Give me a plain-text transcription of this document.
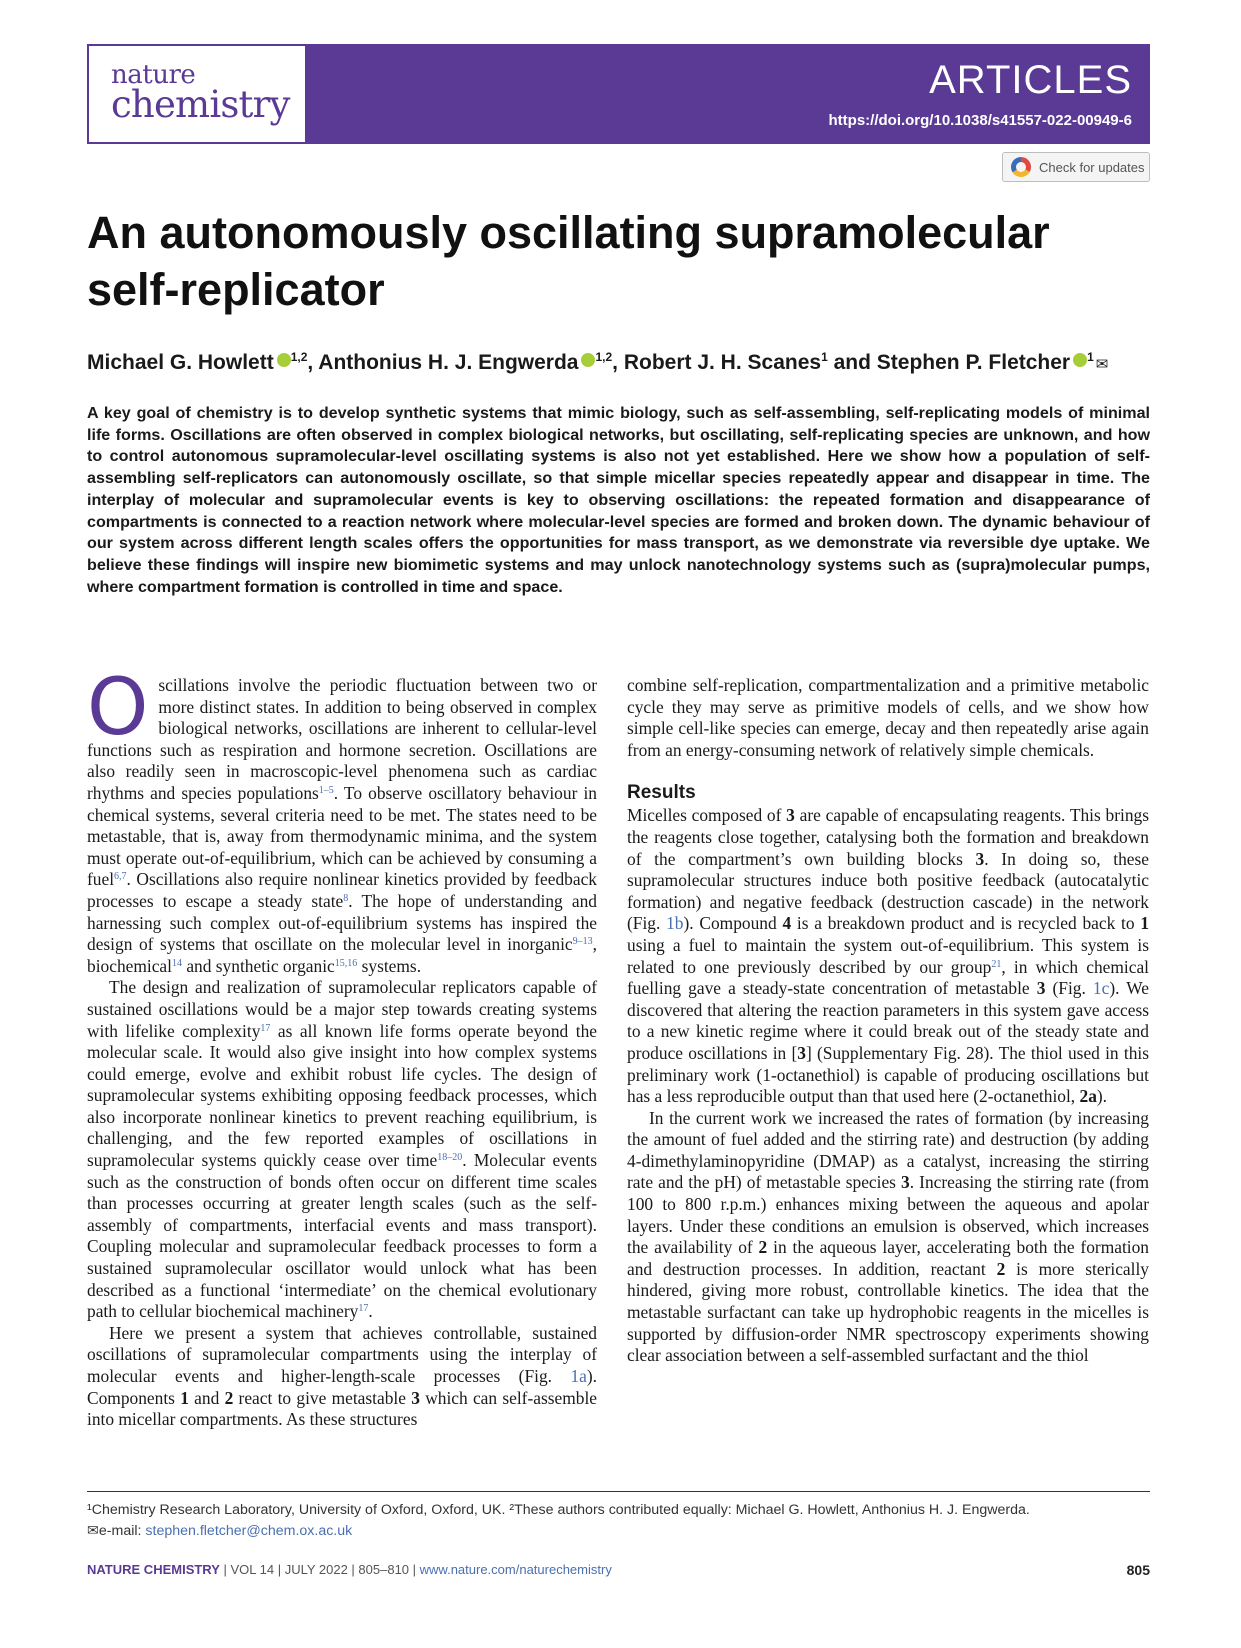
nature
chemistry
ARTICLES
https://doi.org/10.1038/s41557-022-00949-6
Check for updates
An autonomously oscillating supramolecular self-replicator
Michael G. Howlett $^{1,2}$, Anthonius H. J. Engwerda $^{1,2}$, Robert J. H. Scanes$^1$ and Stephen P. Fletcher $^1$ ✉

A key goal of chemistry is to develop synthetic systems that mimic biology, such as self-assembling, self-replicating models of minimal life forms. Oscillations are often observed in complex biological networks, but oscillating, self-replicating species are unknown, and how to control autonomous supramolecular-level oscillating systems is also not yet established. Here we show how a population of self-assembling self-replicators can autonomously oscillate, so that simple micellar species repeatedly appear and disappear in time. The interplay of molecular and supramolecular events is key to observing oscillations: the repeated formation and disappearance of compartments is connected to a reaction network where molecular-level species are formed and broken down. The dynamic behaviour of our system across different length scales offers the opportunities for mass transport, as we demonstrate via reversible dye uptake. We believe these findings will inspire new biomimetic systems and may unlock nanotechnology systems such as (supra)molecular pumps, where compartment formation is controlled in time and space.

Oscillations involve the periodic fluctuation between two or more distinct states. In addition to being observed in complex biological networks, oscillations are inherent to cellular-level functions such as respiration and hormone secretion. Oscillations are also readily seen in macroscopic-level phenomena such as cardiac rhythms and species populations$^{1-5}$. To observe oscillatory behaviour in chemical systems, several criteria need to be met. The states need to be metastable, that is, away from thermodynamic minima, and the system must operate out-of-equilibrium, which can be achieved by consuming a fuel$^{6,7}$. Oscillations also require nonlinear kinetics provided by feedback processes to escape a steady state$^8$. The hope of understanding and harnessing such complex out-of-equilibrium systems has inspired the design of systems that oscillate on the molecular level in inorganic$^{9-13}$, biochemical$^{14}$ and synthetic organic$^{15,16}$ systems.

The design and realization of supramolecular replicators capable of sustained oscillations would be a major step towards creating systems with lifelike complexity$^{17}$ as all known life forms operate beyond the molecular scale. It would also give insight into how complex systems could emerge, evolve and exhibit robust life cycles. The design of supramolecular systems exhibiting opposing feedback processes, which also incorporate nonlinear kinetics to prevent reaching equilibrium, is challenging, and the few reported examples of oscillations in supramolecular systems quickly cease over time$^{18-20}$. Molecular events such as the construction of bonds often occur on different time scales than processes occurring at greater length scales (such as the self-assembly of compartments, interfacial events and mass transport). Coupling molecular and supramolecular feedback processes to form a sustained supramolecular oscillator would unlock what has been described as a functional ‘intermediate’ on the chemical evolutionary path to cellular biochemical machinery$^{17}$.

Here we present a system that achieves controllable, sustained oscillations of supramolecular compartments using the interplay of molecular events and higher-length-scale processes (Fig. 1a). Components 1 and 2 react to give metastable 3 which can self-assemble into micellar compartments. As these structures

combine self-replication, compartmentalization and a primitive metabolic cycle they may serve as primitive models of cells, and we show how simple cell-like species can emerge, decay and then repeatedly arise again from an energy-consuming network of relatively simple chemicals.

Results

Micelles composed of 3 are capable of encapsulating reagents. This brings the reagents close together, catalysing both the formation and breakdown of the compartment’s own building blocks 3. In doing so, these supramolecular structures induce both positive feedback (autocatalytic formation) and negative feedback (destruction cascade) in the network (Fig. 1b). Compound 4 is a breakdown product and is recycled back to 1 using a fuel to maintain the system out-of-equilibrium. This system is related to one previously described by our group$^{21}$, in which chemical fuelling gave a steady-state concentration of metastable 3 (Fig. 1c). We discovered that altering the reaction parameters in this system gave access to a new kinetic regime where it could break out of the steady state and produce oscillations in [3] (Supplementary Fig. 28). The thiol used in this preliminary work (1-octanethiol) is capable of producing oscillations but has a less reproducible output than that used here (2-octanethiol, 2a).

In the current work we increased the rates of formation (by increasing the amount of fuel added and the stirring rate) and destruction (by adding 4-dimethylaminopyridine (DMAP) as a catalyst, increasing the stirring rate and the pH) of metastable species 3. Increasing the stirring rate (from 100 to 800 r.p.m.) enhances mixing between the aqueous and apolar layers. Under these conditions an emulsion is observed, which increases the availability of 2 in the aqueous layer, accelerating both the formation and destruction processes. In addition, reactant 2 is more sterically hindered, giving more robust, controllable kinetics. The idea that the metastable surfactant can take up hydrophobic reagents in the micelles is supported by diffusion-order NMR spectroscopy experiments showing clear association between a self-assembled surfactant and the thiol

¹Chemistry Research Laboratory, University of Oxford, Oxford, UK. ²These authors contributed equally: Michael G. Howlett, Anthonius H. J. Engwerda.
✉e-mail: stephen.fletcher@chem.ox.ac.uk
NATURE CHEMISTRY | VOL 14 | JULY 2022 | 805–810 | www.nature.com/naturechemistry	805
